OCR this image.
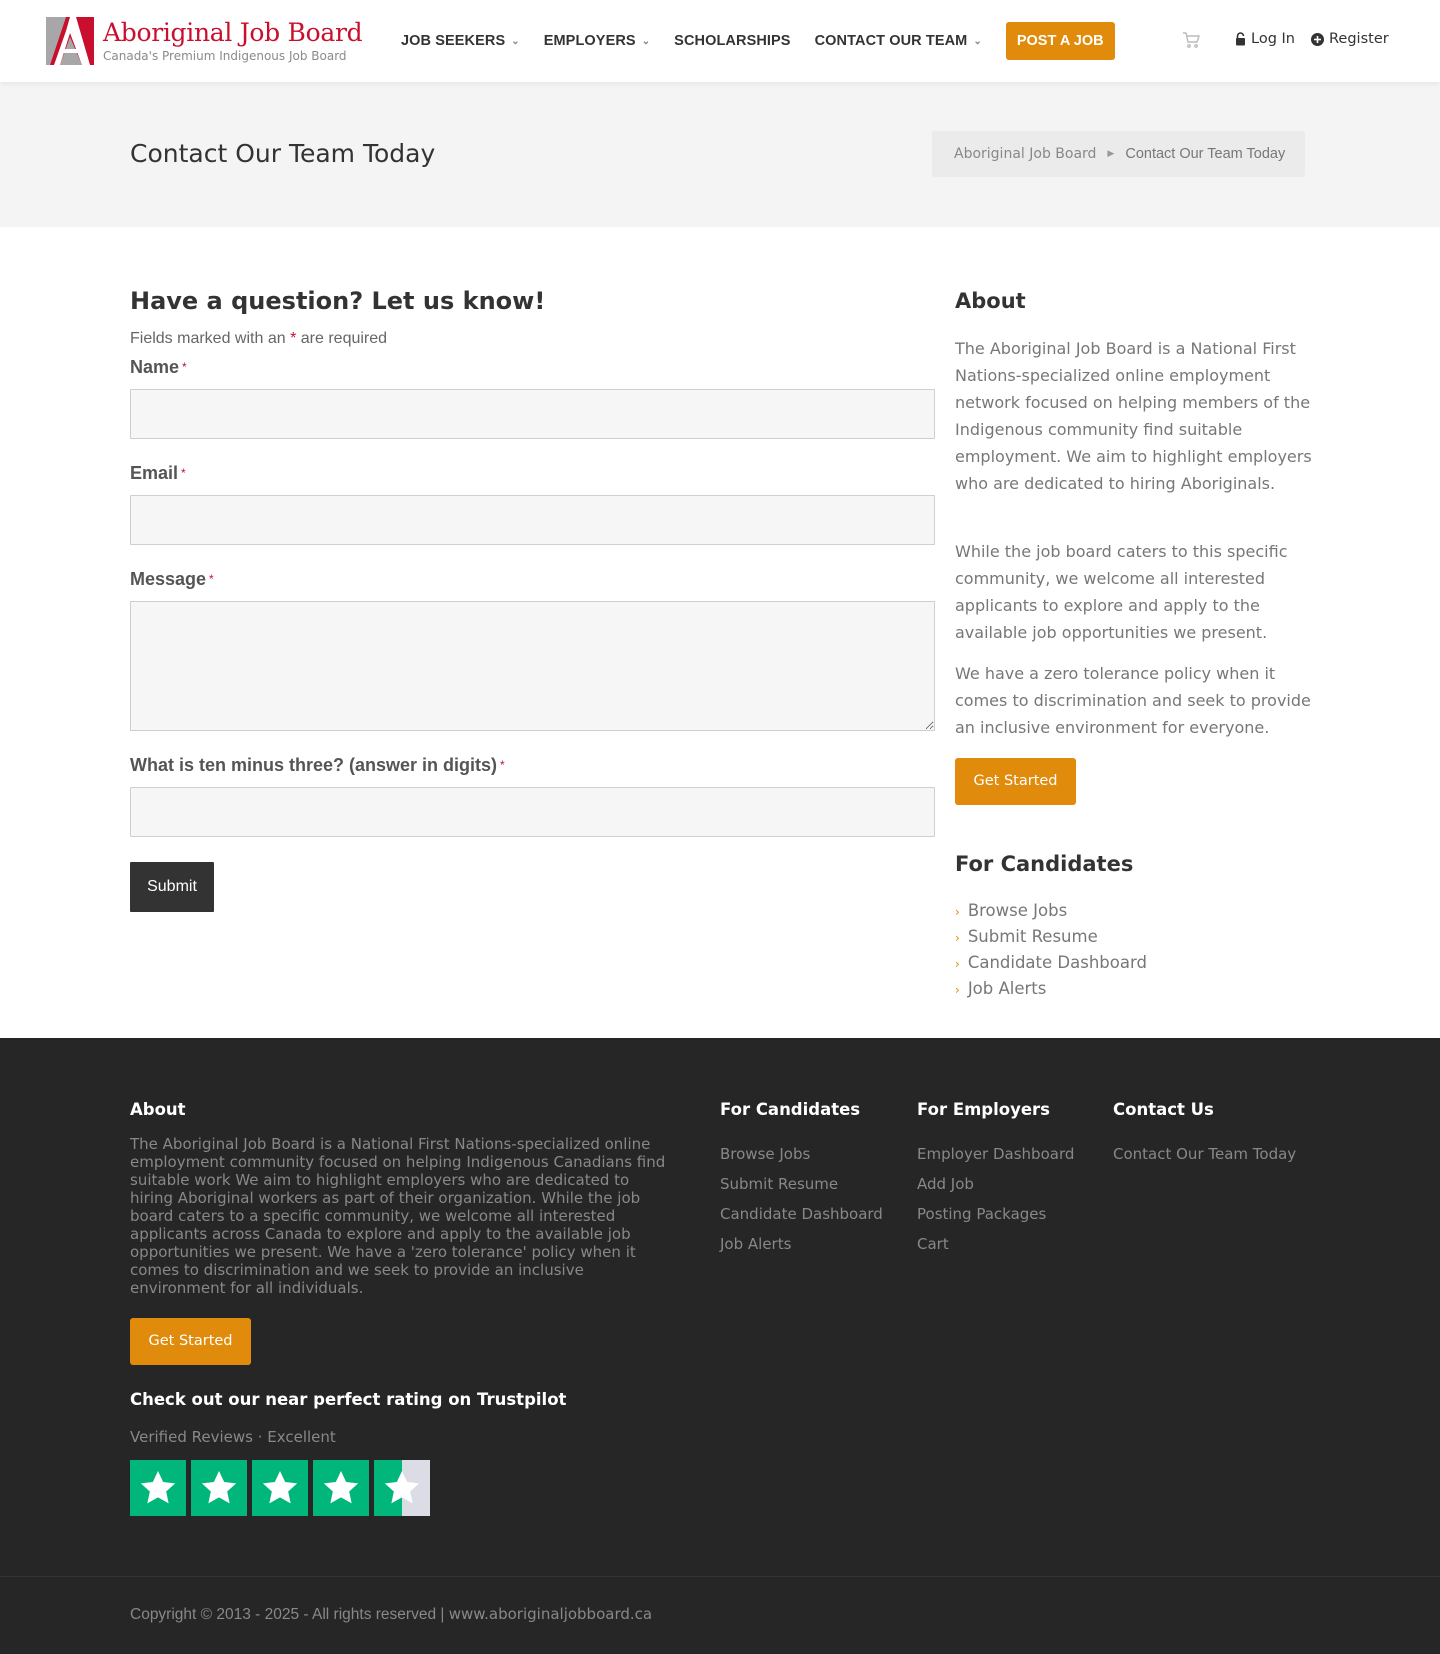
Aboriginal Job Board
Canada's Premium Indigenous Job Board
JOB SEEKERS ⌄ EMPLOYERS ⌄ SCHOLARSHIPS CONTACT OUR TEAM ⌄	POST A JOB	Log In Register
Contact Our Team Today	Aboriginal Job Board ▶ Contact Our Team Today
Have a question? Let us know!
Fields marked with an * are required
Name *
Email *
Message *
What is ten minus three? (answer in digits) *
Submit
About

The Aboriginal Job Board is a National First Nations-specialized online employment network focused on helping members of the Indigenous community find suitable employment. We aim to highlight employers who are dedicated to hiring Aboriginals.

While the job board caters to this specific community, we welcome all interested applicants to explore and apply to the available job opportunities we present.

We have a zero tolerance policy when it comes to discrimination and seek to provide an inclusive environment for everyone.

Get Started
For Candidates
› Browse Jobs
› Submit Resume
› Candidate Dashboard
› Job Alerts
About

The Aboriginal Job Board is a National First Nations-specialized online employment community focused on helping Indigenous Canadians find suitable work We aim to highlight employers who are dedicated to hiring Aboriginal workers as part of their organization. While the job board caters to a specific community, we welcome all interested applicants across Canada to explore and apply to the available job opportunities we present. We have a 'zero tolerance' policy when it comes to discrimination and we seek to provide an inclusive environment for all individuals.

Get Started
Check out our near perfect rating on Trustpilot
Verified Reviews · Excellent
For Candidates
Browse Jobs
Submit Resume
Candidate Dashboard
Job Alerts
For Employers
Employer Dashboard
Add Job
Posting Packages
Cart
Contact Us
Contact Our Team Today
Copyright © 2013 - 2025 - All rights reserved | www.aboriginaljobboard.ca
